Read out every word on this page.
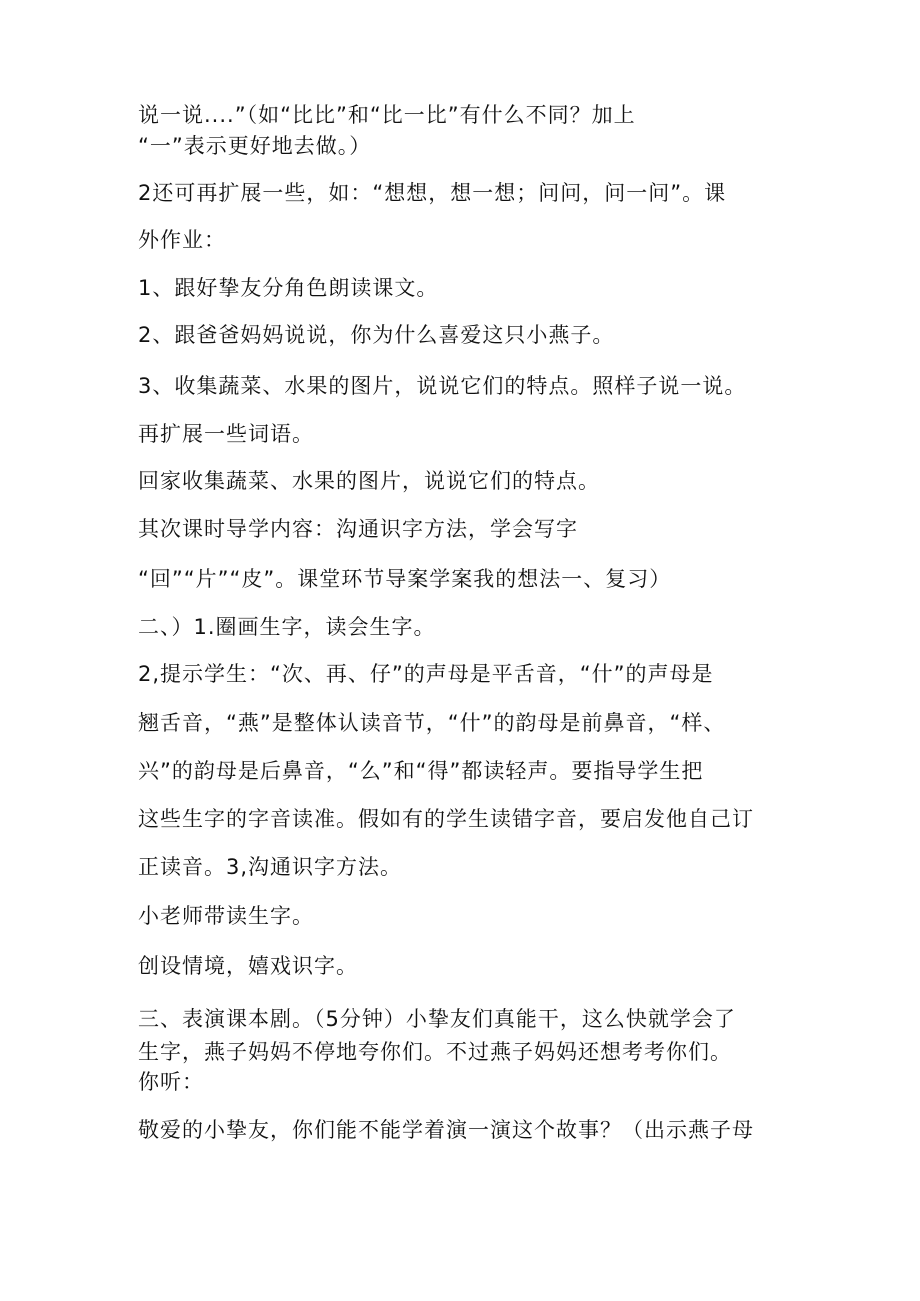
说一说....”（如“比比”和“比一比”有什么不同？加上
“一”表示更好地去做。）
2还可再扩展一些，如：“想想，想一想；问问，问一问”。课
外作业：
1、跟好挚友分角色朗读课文。
2、跟爸爸妈妈说说，你为什么喜爱这只小燕子。
3、收集蔬菜、水果的图片，说说它们的特点。照样子说一说。
再扩展一些词语。
回家收集蔬菜、水果的图片，说说它们的特点。
其次课时导学内容：沟通识字方法，学会写字
“回”“片”“皮”。课堂环节导案学案我的想法一、复习）
二、）1.圈画生字，读会生字。
2,提示学生：“次、再、仔”的声母是平舌音，“什”的声母是
翘舌音，“燕”是整体认读音节，“什”的韵母是前鼻音，“样、
兴”的韵母是后鼻音，“么”和“得”都读轻声。要指导学生把
这些生字的字音读准。假如有的学生读错字音，要启发他自己订
正读音。3,沟通识字方法。
小老师带读生字。
创设情境，嬉戏识字。
三、表演课本剧。（5分钟）小挚友们真能干，这么快就学会了
生字，燕子妈妈不停地夸你们。不过燕子妈妈还想考考你们。
你听：
敬爱的小挚友，你们能不能学着演一演这个故事？（出示燕子母
